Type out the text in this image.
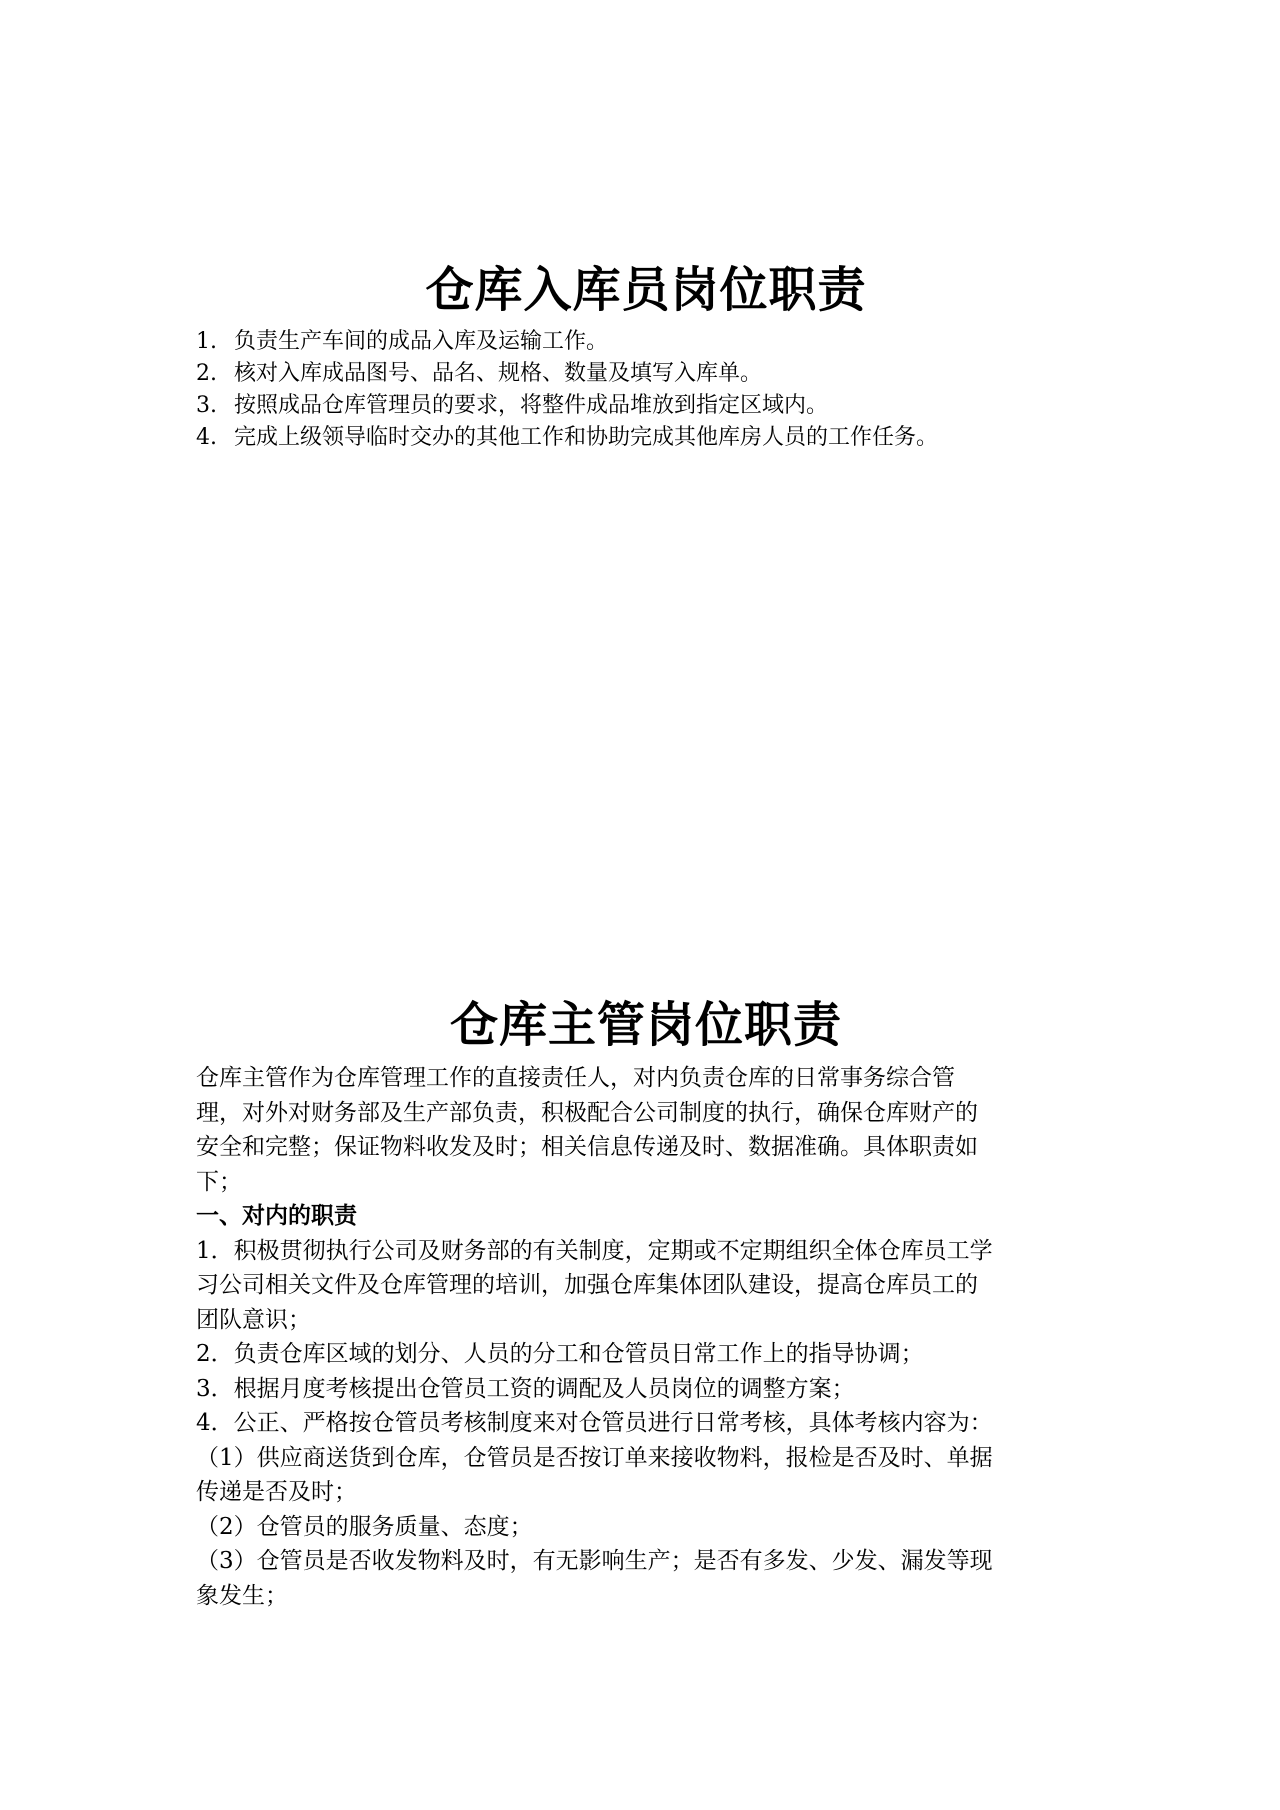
仓库入库员岗位职责
1. 负责生产车间的成品入库及运输工作。
2. 核对入库成品图号、品名、规格、数量及填写入库单。
3. 按照成品仓库管理员的要求，将整件成品堆放到指定区域内。
4. 完成上级领导临时交办的其他工作和协助完成其他库房人员的工作任务。
仓库主管岗位职责

仓库主管作为仓库管理工作的直接责任人，对内负责仓库的日常事务综合管
理，对外对财务部及生产部负责，积极配合公司制度的执行，确保仓库财产的
安全和完整；保证物料收发及时；相关信息传递及时、数据准确。具体职责如
下；

一、对内的职责

1．积极贯彻执行公司及财务部的有关制度，定期或不定期组织全体仓库员工学
习公司相关文件及仓库管理的培训，加强仓库集体团队建设，提高仓库员工的
团队意识；
2．负责仓库区域的划分、人员的分工和仓管员日常工作上的指导协调；
3．根据月度考核提出仓管员工资的调配及人员岗位的调整方案；
4．公正、严格按仓管员考核制度来对仓管员进行日常考核，具体考核内容为：
（1）供应商送货到仓库，仓管员是否按订单来接收物料，报检是否及时、单据
传递是否及时；
（2）仓管员的服务质量、态度；
（3）仓管员是否收发物料及时，有无影响生产；是否有多发、少发、漏发等现
象发生；
